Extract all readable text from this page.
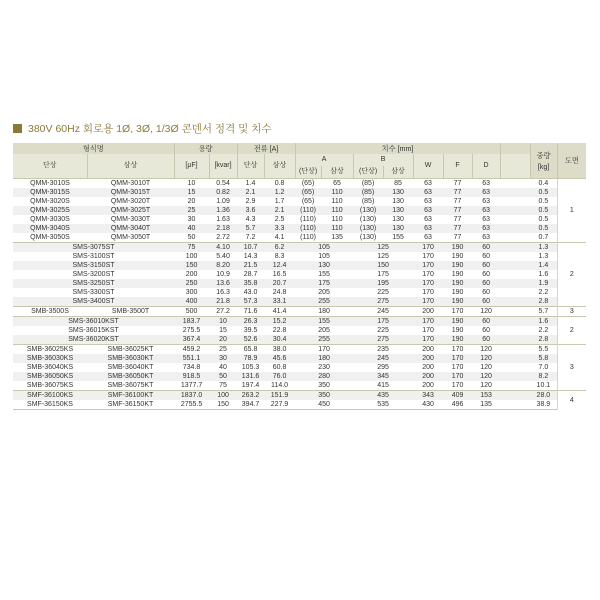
380V 60Hz 회로용 1Ø, 3Ø, 1/3Ø 콘덴서 정격 및 치수
형식명		용량		전류 [A]		치수 [mm]								중량
[kg]	도면
단상	삼상	[μF]	[kvar]	단상	삼상	A		B		W	F	D			
						(단상)	삼상	(단상)	삼상						
QMM-3010S	QMM-3010T	10	0.54	1.4	0.8	(65)	65	(85)	85	63	77	63		0.4	1
QMM-3015S	QMM-3015T	15	0.82	2.1	1.2	(65)	110	(85)	130	63	77	63		0.5	
QMM-3020S	QMM-3020T	20	1.09	2.9	1.7	(65)	110	(85)	130	63	77	63		0.5	
QMM-3025S	QMM-3025T	25	1.36	3.6	2.1	(110)	110	(130)	130	63	77	63		0.5	
QMM-3030S	QMM-3030T	30	1.63	4.3	2.5	(110)	110	(130)	130	63	77	63		0.5	
QMM-3040S	QMM-3040T	40	2.18	5.7	3.3	(110)	110	(130)	130	63	77	63		0.5	
QMM-3050S	QMM-3050T	50	2.72	7.2	4.1	(110)	135	(130)	155	63	77	63		0.7	
SMS-3075ST		75	4.10	10.7	6.2	105		125		170	190	60		1.3	2
SMS-3100ST		100	5.40	14.3	8.3	105		125		170	190	60		1.3	
SMS-3150ST		150	8.20	21.5	12.4	130		150		170	190	60		1.4	
SMS-3200ST		200	10.9	28.7	16.5	155		175		170	190	60		1.6	
SMS-3250ST		250	13.6	35.8	20.7	175		195		170	190	60		1.9	
SMS-3300ST		300	16.3	43.0	24.8	205		225		170	190	60		2.2	
SMS-3400ST		400	21.8	57.3	33.1	255		275		170	190	60		2.8	
SMB-3500S	SMB-3500T	500	27.2	71.6	41.4	180		245		200	170	120		5.7	3
SMS-36010KST		183.7	10	26.3	15.2	155		175		170	190	60		1.6	2
SMS-36015KST		275.5	15	39.5	22.8	205		225		170	190	60		2.2	
SMS-36020KST		367.4	20	52.6	30.4	255		275		170	190	60		2.8	
SMB-36025KS	SMB-36025KT	459.2	25	65.8	38.0	170		235		200	170	120		5.5	3
SMB-36030KS	SMB-36030KT	551.1	30	78.9	45.6	180		245		200	170	120		5.8	
SMB-36040KS	SMB-36040KT	734.8	40	105.3	60.8	230		295		200	170	120		7.0	
SMB-36050KS	SMB-36050KT	918.5	50	131.6	76.0	280		345		200	170	120		8.2	
SMB-36075KS	SMB-36075KT	1377.7	75	197.4	114.0	350		415		200	170	120		10.1	
SMF-36100KS	SMF-36100KT	1837.0	100	263.2	151.9	350		435		343	409	153		28.0	4
SMF-36150KS	SMF-36150KT	2755.5	150	394.7	227.9	450		535		430	496	135		38.9	
